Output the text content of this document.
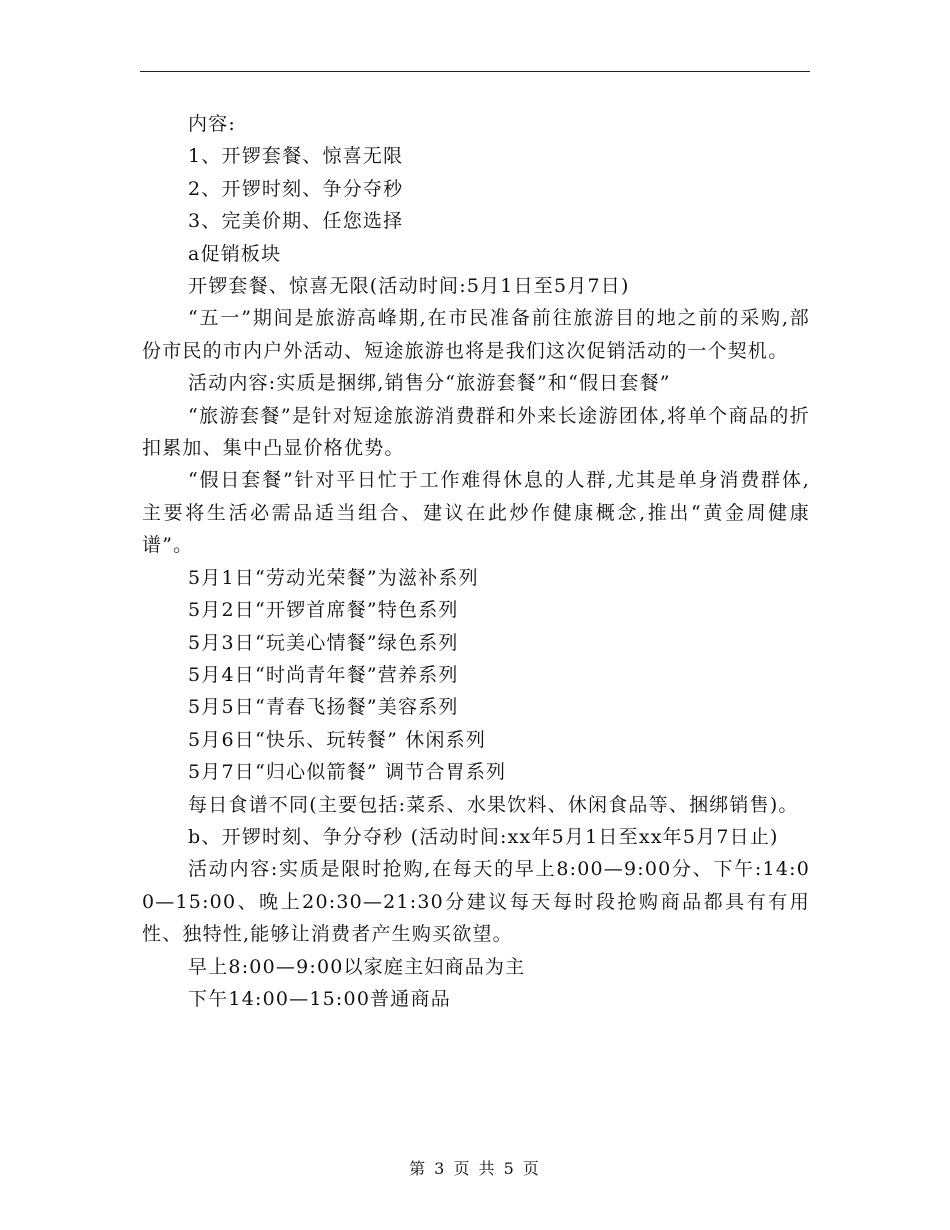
内容:

1、开锣套餐、惊喜无限

2、开锣时刻、争分夺秒

3、完美价期、任您选择

a促销板块

开锣套餐、惊喜无限(活动时间:5月1日至5月7日)

“五一”期间是旅游高峰期,在市民准备前往旅游目的地之前的采购,部份市民的市内户外活动、短途旅游也将是我们这次促销活动的一个契机。

活动内容:实质是捆绑,销售分“旅游套餐”和“假日套餐”

“旅游套餐”是针对短途旅游消费群和外来长途游团体,将单个商品的折扣累加、集中凸显价格优势。

“假日套餐”针对平日忙于工作难得休息的人群,尤其是单身消费群体,主要将生活必需品适当组合、建议在此炒作健康概念,推出“黄金周健康谱”。

5月1日“劳动光荣餐”为滋补系列

5月2日“开锣首席餐”特色系列

5月3日“玩美心情餐”绿色系列

5月4日“时尚青年餐”营养系列

5月5日“青春飞扬餐”美容系列

5月6日“快乐、玩转餐” 休闲系列

5月7日“归心似箭餐” 调节合胃系列

每日食谱不同(主要包括:菜系、水果饮料、休闲食品等、捆绑销售)。

b、开锣时刻、争分夺秒 (活动时间:xx年5月1日至xx年5月7日止)

活动内容:实质是限时抢购,在每天的早上8:00—9:00分、下午:14:00—15:00、晚上20:30—21:30分建议每天每时段抢购商品都具有有用性、独特性,能够让消费者产生购买欲望。

早上8:00—9:00以家庭主妇商品为主

下午14:00—15:00普通商品

第 3 页 共 5 页
